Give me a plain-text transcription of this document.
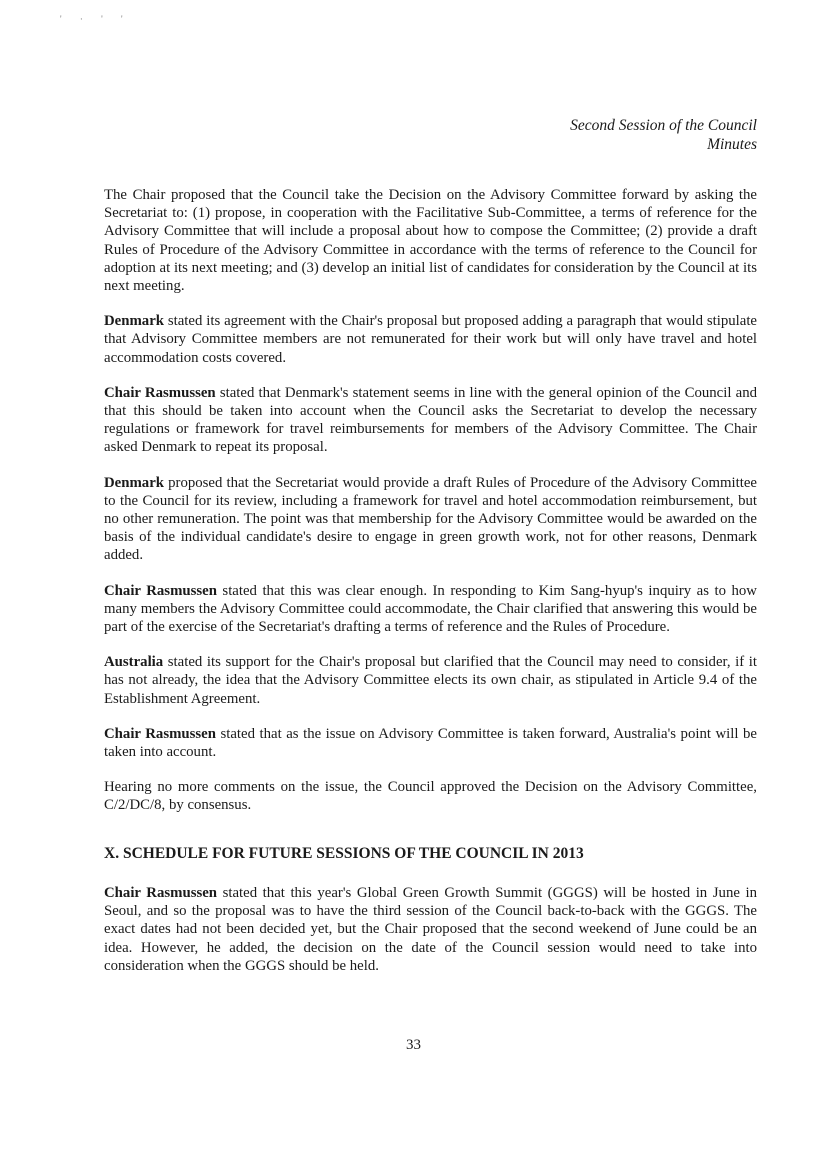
' · ' '
Second Session of the Council
Minutes

The Chair proposed that the Council take the Decision on the Advisory Committee forward by asking the Secretariat to: (1) propose, in cooperation with the Facilitative Sub-Committee, a terms of reference for the Advisory Committee that will include a proposal about how to compose the Committee; (2) provide a draft Rules of Procedure of the Advisory Committee in accordance with the terms of reference to the Council for adoption at its next meeting; and (3) develop an initial list of candidates for consideration by the Council at its next meeting.

Denmark stated its agreement with the Chair's proposal but proposed adding a paragraph that would stipulate that Advisory Committee members are not remunerated for their work but will only have travel and hotel accommodation costs covered.

Chair Rasmussen stated that Denmark's statement seems in line with the general opinion of the Council and that this should be taken into account when the Council asks the Secretariat to develop the necessary regulations or framework for travel reimbursements for members of the Advisory Committee. The Chair asked Denmark to repeat its proposal.

Denmark proposed that the Secretariat would provide a draft Rules of Procedure of the Advisory Committee to the Council for its review, including a framework for travel and hotel accommodation reimbursement, but no other remuneration. The point was that membership for the Advisory Committee would be awarded on the basis of the individual candidate's desire to engage in green growth work, not for other reasons, Denmark added.

Chair Rasmussen stated that this was clear enough. In responding to Kim Sang-hyup's inquiry as to how many members the Advisory Committee could accommodate, the Chair clarified that answering this would be part of the exercise of the Secretariat's drafting a terms of reference and the Rules of Procedure.

Australia stated its support for the Chair's proposal but clarified that the Council may need to consider, if it has not already, the idea that the Advisory Committee elects its own chair, as stipulated in Article 9.4 of the Establishment Agreement.

Chair Rasmussen stated that as the issue on Advisory Committee is taken forward, Australia's point will be taken into account.

Hearing no more comments on the issue, the Council approved the Decision on the Advisory Committee, C/2/DC/8, by consensus.

X. SCHEDULE FOR FUTURE SESSIONS OF THE COUNCIL IN 2013

Chair Rasmussen stated that this year's Global Green Growth Summit (GGGS) will be hosted in June in Seoul, and so the proposal was to have the third session of the Council back-to-back with the GGGS. The exact dates had not been decided yet, but the Chair proposed that the second weekend of June could be an idea. However, he added, the decision on the date of the Council session would need to take into consideration when the GGGS should be held.

33
